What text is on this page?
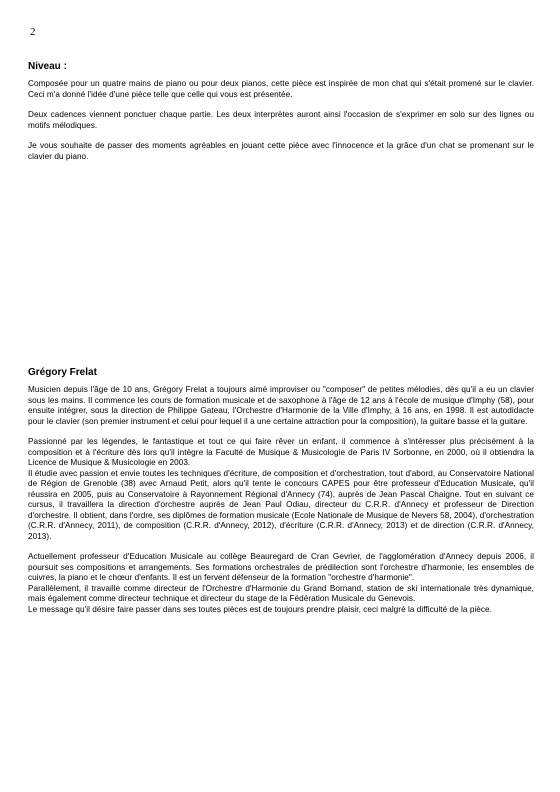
2
Niveau :

Composée pour un quatre mains de piano ou pour deux pianos, cette pièce est inspirée de mon chat qui s'était promené sur le clavier. Ceci m'a donné l'idée d'une pièce telle que celle qui vous est présentée.

Deux cadences viennent ponctuer chaque partie. Les deux interprètes auront ainsi l'occasion de s'exprimer en solo sur des lignes ou motifs mélodiques.

Je vous souhaite de passer des moments agréables en jouant cette pièce avec l'innocence et la grâce d'un chat se promenant sur le clavier du piano.

Grégory Frelat

Musicien depuis l'âge de 10 ans, Grégory Frelat a toujours aimé improviser ou "composer" de petites mélodies, dès qu'il a eu un clavier sous les mains. Il commence les cours de formation musicale et de saxophone à l'âge de 12 ans à l'école de musique d'Imphy (58), pour ensuite intégrer, sous la direction de Philippe Gateau, l'Orchestre d'Harmonie de la Ville d'Imphy, à 16 ans, en 1998. Il est autodidacte pour le clavier (son premier instrument et celui pour lequel il a une certaine attraction pour la composition), la guitare basse et la guitare.

Passionné par les légendes, le fantastique et tout ce qui faire rêver un enfant, il commence à s'intéresser plus précisément à la composition et à l'écriture dès lors qu'il intègre la Faculté de Musique & Musicologie de Paris IV Sorbonne, en 2000, où il obtiendra la Licence de Musique & Musicologie en 2003.

Il étudie avec passion et envie toutes les techniques d'écriture, de composition et d'orchestration, tout d'abord, au Conservatoire National de Région de Grenoble (38) avec Arnaud Petit, alors qu'il tente le concours CAPES pour être professeur d'Education Musicale, qu'il réussira en 2005, puis au Conservatoire à Rayonnement Régional d'Annecy (74), auprès de Jean Pascal Chaigne. Tout en suivant ce cursus, il travaillera la direction d'orchestre auprès de Jean Paul Odiau, directeur du C.R.R. d'Annecy et professeur de Direction d'orchestre. Il obtient, dans l'ordre, ses diplômes de formation musicale (Ecole Nationale de Musique de Nevers 58, 2004), d'orchestration (C.R.R. d'Annecy, 2011), de composition (C.R.R. d'Annecy, 2012), d'écriture (C.R.R. d'Annecy, 2013) et de direction (C.R.R. d'Annecy, 2013).

Actuellement professeur d'Education Musicale au collège Beauregard de Cran Gevrier, de l'agglomération d'Annecy depuis 2006, il poursuit ses compositions et arrangements. Ses formations orchestrales de prédilection sont l'orchestre d'harmonie, les ensembles de cuivres, la piano et le chœur d'enfants. Il est un fervent défenseur de la formation "orchestre d'harmonie".

Parallèlement, il travaille comme directeur de l'Orchestre d'Harmonie du Grand Bornand, station de ski internationale très dynamique, mais également comme directeur technique et directeur du stage de la Fédération Musicale du Genevois.

Le message qu'il désire faire passer dans ses toutes pièces est de toujours prendre plaisir, ceci malgré la difficulté de la pièce.
